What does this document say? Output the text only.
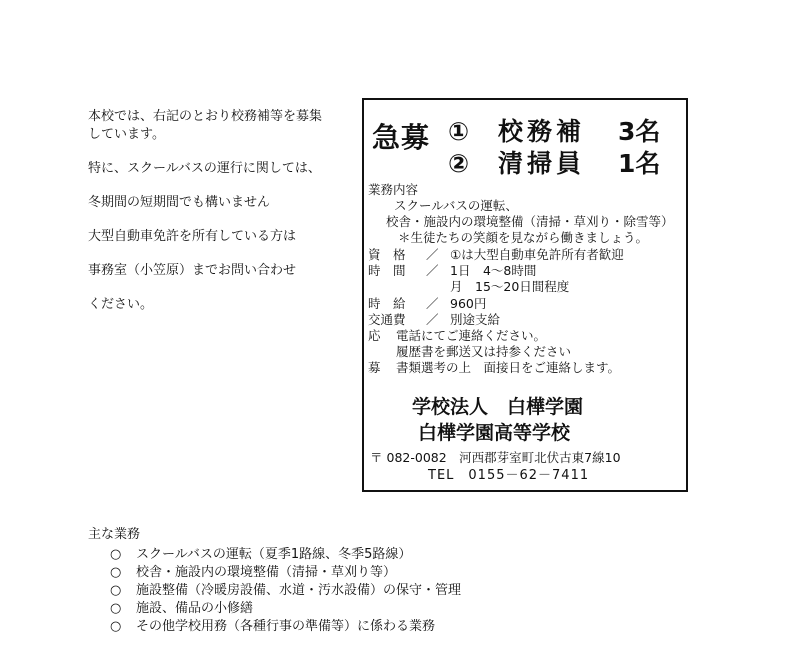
本校では、右記のとおり校務補等を募集
しています。
特に、スクールバスの運行に関しては、
冬期間の短期間でも構いません
大型自動車免許を所有している方は
事務室（小笠原）までお問い合わせ
ください。
急募 ① 校務補 3名
② 清掃員 1名
業務内容
スクールバスの運転、
校舎・施設内の環境整備（清掃・草刈り・除雪等）
＊生徒たちの笑顔を見ながら働きましょう。
資　格 ／ ①は大型自動車免許所有者歓迎
時　間 ／ 1日　4～8時間
月　15～20日間程度
時　給 ／ 960円
交通費 ／ 別途支給
応 電話にてご連絡ください。
履歴書を郵送又は持参ください
募 書類選考の上　面接日をご連絡します。
学校法人　白樺学園
白樺学園高等学校
〒 082-0082　河西郡芽室町北伏古東7線10
TEL　0155－62－7411
主な業務
○ スクールバスの運転（夏季1路線、冬季5路線）
○ 校舎・施設内の環境整備（清掃・草刈り等）
○ 施設整備（冷暖房設備、水道・汚水設備）の保守・管理
○ 施設、備品の小修繕
○ その他学校用務（各種行事の準備等）に係わる業務
